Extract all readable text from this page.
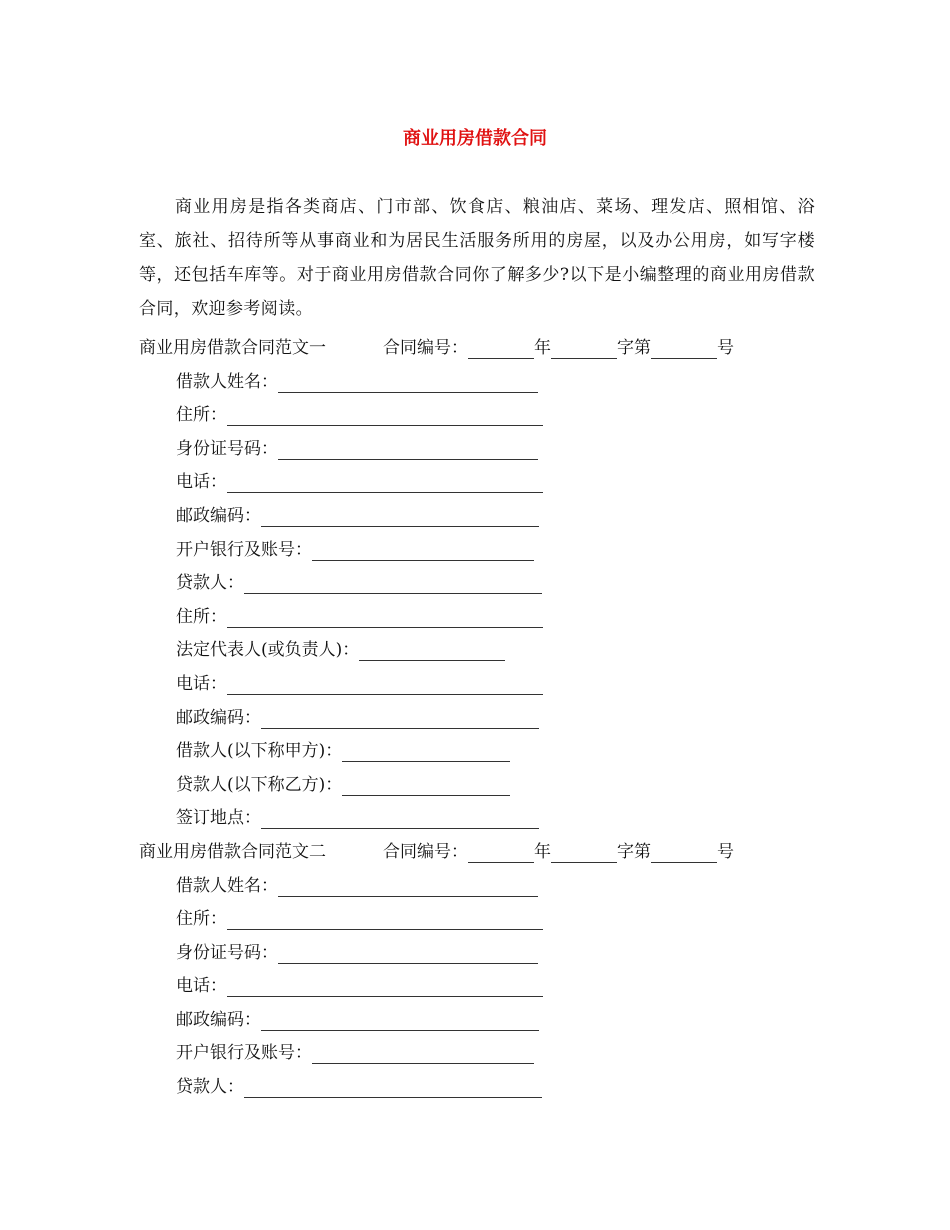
商业用房借款合同

商业用房是指各类商店、门市部、饮食店、粮油店、菜场、理发店、照相馆、浴室、旅社、招待所等从事商业和为居民生活服务所用的房屋，以及办公用房，如写字楼等，还包括车库等。对于商业用房借款合同你了解多少?以下是小编整理的商业用房借款合同，欢迎参考阅读。

商业用房借款合同范文一	合同编号：	年	字第	号
借款人姓名：
住所：
身份证号码：
电话：
邮政编码：
开户银行及账号：
贷款人：
住所：
法定代表人(或负责人)：
电话：
邮政编码：
借款人(以下称甲方)：
贷款人(以下称乙方)：
签订地点：
商业用房借款合同范文二	合同编号：	年	字第	号
借款人姓名：
住所：
身份证号码：
电话：
邮政编码：
开户银行及账号：
贷款人：
